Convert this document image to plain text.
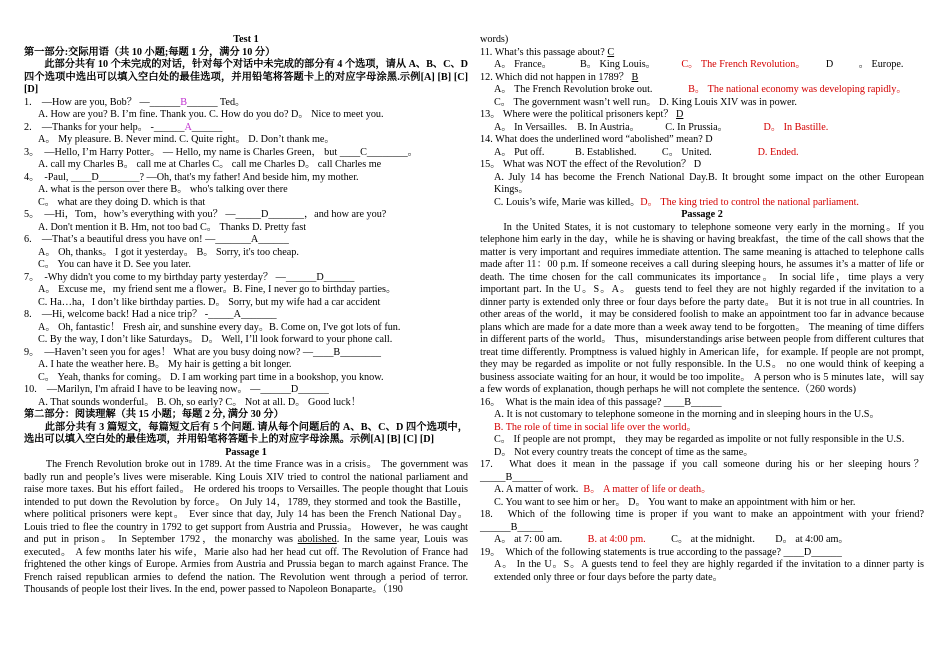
Test 1
第一部分:交际用语（共 10 小题;每题 1 分，满分 10 分）
　　此部分共有 10 个未完成的对话，针对每个对话中未完成的部分有 4 个选项，请从 A、B、C、D 四个选项中选出可以填入空白处的最佳选项，并用铅笔将答题卡上的对应字母涂黑.示例[A] [B] [C] [D]
1.　—How are you, Bob？ —______B______ Ted。
A. How are you? B. I’m fine. Thank you. C. How do you do? D。 Nice to meet you.
2.　—Thanks for your help。 -______A______
A。 My pleasure. B. Never mind. C. Quite right。 D. Don’t thank me。
3。　—Hello, I’m Harry Potter。 — Hello, my name is Charles Green， but ____C________。
A. call my Charles B。 call me at Charles C。 call me Charles D。 call Charles me
4。　-Paul, ____D________? —Oh, that's my father! And beside him, my mother.
A. what is the person over there B。 who's talking over there
C。 what are they doing D. which is that
5。　—Hi，Tom，how’s everything with you？ —_____D_______，and how are you?
A. Don't mention it B. Hm, not too bad C。 Thanks D. Pretty fast
6.　—That’s a beautiful dress you have on! —_______A______
A。 Oh, thanks。 I got it yesterday。 B。 Sorry, it's too cheap.
C。 You can have it D. See you later.
7。　-Why didn't you come to my birthday party yesterday？ —______D______
A。 Excuse me，my friend sent me a flower。B. Fine, I never go to birthday parties。
C. Ha…ha，I don’t like birthday parties. D。 Sorry, but my wife had a car accident
8.　—Hi, welcome back! Had a nice trip？ -_____A_______
A。 Oh, fantastic！ Fresh air, and sunshine every day。B. Come on, I've got lots of fun.
C. By the way, I don’t like Saturdays。 D。 Well, I’ll look forward to your phone call.
9。　—Haven’t seen you for ages！ What are you busy doing now? —____B________
A. I hate the weather here. B。 My hair is getting a bit longer.
C。 Yeah, thanks for coming。 D. I am working part time in a bookshop, you know.
10.　—Marilyn, I'm afraid I have to be leaving now。 —______D______
A. That sounds wonderful。 B. Oh, so early? C。 Not at all. D。 Good luck！
第二部分：阅读理解（共 15 小题；每题 2 分, 满分 30 分）
　　此部分共有 3 篇短文，每篇短文后有 5 个问题. 请从每个问题后的 A、B、C、D 四个选项中，选出可以填入空白处的最佳选项，并用铅笔将答题卡上的对应字母涂黑。示例[A] [B] [C] [D]
Passage 1
　　The French Revolution broke out in 1789. At the time France was in a crisis。 The government was badly run and people’s lives were miserable. King Louis XIV tried to control the national parliament and raise more taxes. But his effort failed。 He ordered his troops to Versailles. The people thought that Louis intended to put down the Revolution by force。 On July 14，1789, they stormed and took the Bastille，where political prisoners were kept。 Ever since that day, July 14 has been the French National Day。 Louis tried to flee the country in 1792 to get support from Austria and Prussia。 However，he was caught and put in prison。 In September 1792，the monarchy was abolished. In the same year, Louis was executed。 A few months later his wife，Marie also had her head cut off. The Revolution of France had frightened the other kings of Europe. Armies from Austria and Prussia began to march against France. The French raised republican armies to defend the nation. The Revolution went through a period of terror. Thousands of people lost their lives. In the end, power passed to Napoleon Bonaparte。（190
words)
11. What’s this passage about? C
A。 France。           B。 King Louis。          C。 The French Revolution。        D          。 Europe.
12. Which did not happen in 1789？ B
A。 The French Revolution broke out.              B。 The national economy was developing rapidly。
C。 The government wasn’t well run。 D. King Louis XIV was in power.
13。 Where were the political prisoners kept？ D
A。 In Versailles.    B. In Austria。          C. In Prussia。              D。 In Bastille.
14. What does the underlined word “abolished” mean? D
A。 Put off.            B. Established.          C。 United.                  D. Ended.
15。 What was NOT the effect of the Revolution？ D
A. July 14 has become the French National Day.B. It brought some impact on the other European Kings。
C. Louis’s wife, Marie was killed。D。 The king tried to control the national parliament.
Passage 2
　　In the United States, it is not customary to telephone someone very early in the morning。If you telephone him early in the day，while he is shaving or having breakfast，the time of the call shows that the matter is very important and requires immediate attention. The same meaning is attached to telephone calls made after 11：00 p.m. If someone receives a call during sleeping hours, he assumes it’s a matter of life or death. The time chosen for the call communicates its importance。 In social life，time plays a very important part. In the U。S。A。 guests tend to feel they are not highly regarded if the invitation to a dinner party is extended only three or four days before the party date。 But it is not true in all countries. In other areas of the world，it may be considered foolish to make an appointment too far in advance because plans which are made for a date more than a week away tend to be forgotten。 The meaning of time differs in different parts of the world。 Thus，misunderstandings arise between people from different cultures that treat time differently. Promptness is valued highly in American life，for example. If people are not prompt, they may be regarded as impolite or not fully responsible. In the U.S。 no one would think of keeping a business associate waiting for an hour, it would be too impolite。 A person who is 5 minutes late，will say a few words of explanation, though perhaps he will not complete the sentence.（260 words)
16。　What is the main idea of this passage? ____B______
A. It is not customary to telephone someone in the morning and in sleeping hours in the U.S。
B. The role of time in social life over the world。
C。 If people are not prompt， they may be regarded as impolite or not fully responsible in the U.S.
D。 Not every country treats the concept of time as the same。
17.　What does it mean in the passage if you call someone during his or her sleeping hours？_____B______
A. A matter of work.  B。 A matter of life or death。
C. You want to see him or her。 D。 You want to make an appointment with him or her.
18.　Which of the following time is proper if you want to make an appointment with your friend? ______B_____
A。 at 7: 00 am.          B. at 4:00 pm.          C。 at the midnight.        D。 at 4:00 am。
19。　Which of the following statements is true according to the passage? ____D______
A。 In the U。S。A guests tend to feel they are highly regarded if the invitation to a dinner party is extended only three or four days before the party date。
